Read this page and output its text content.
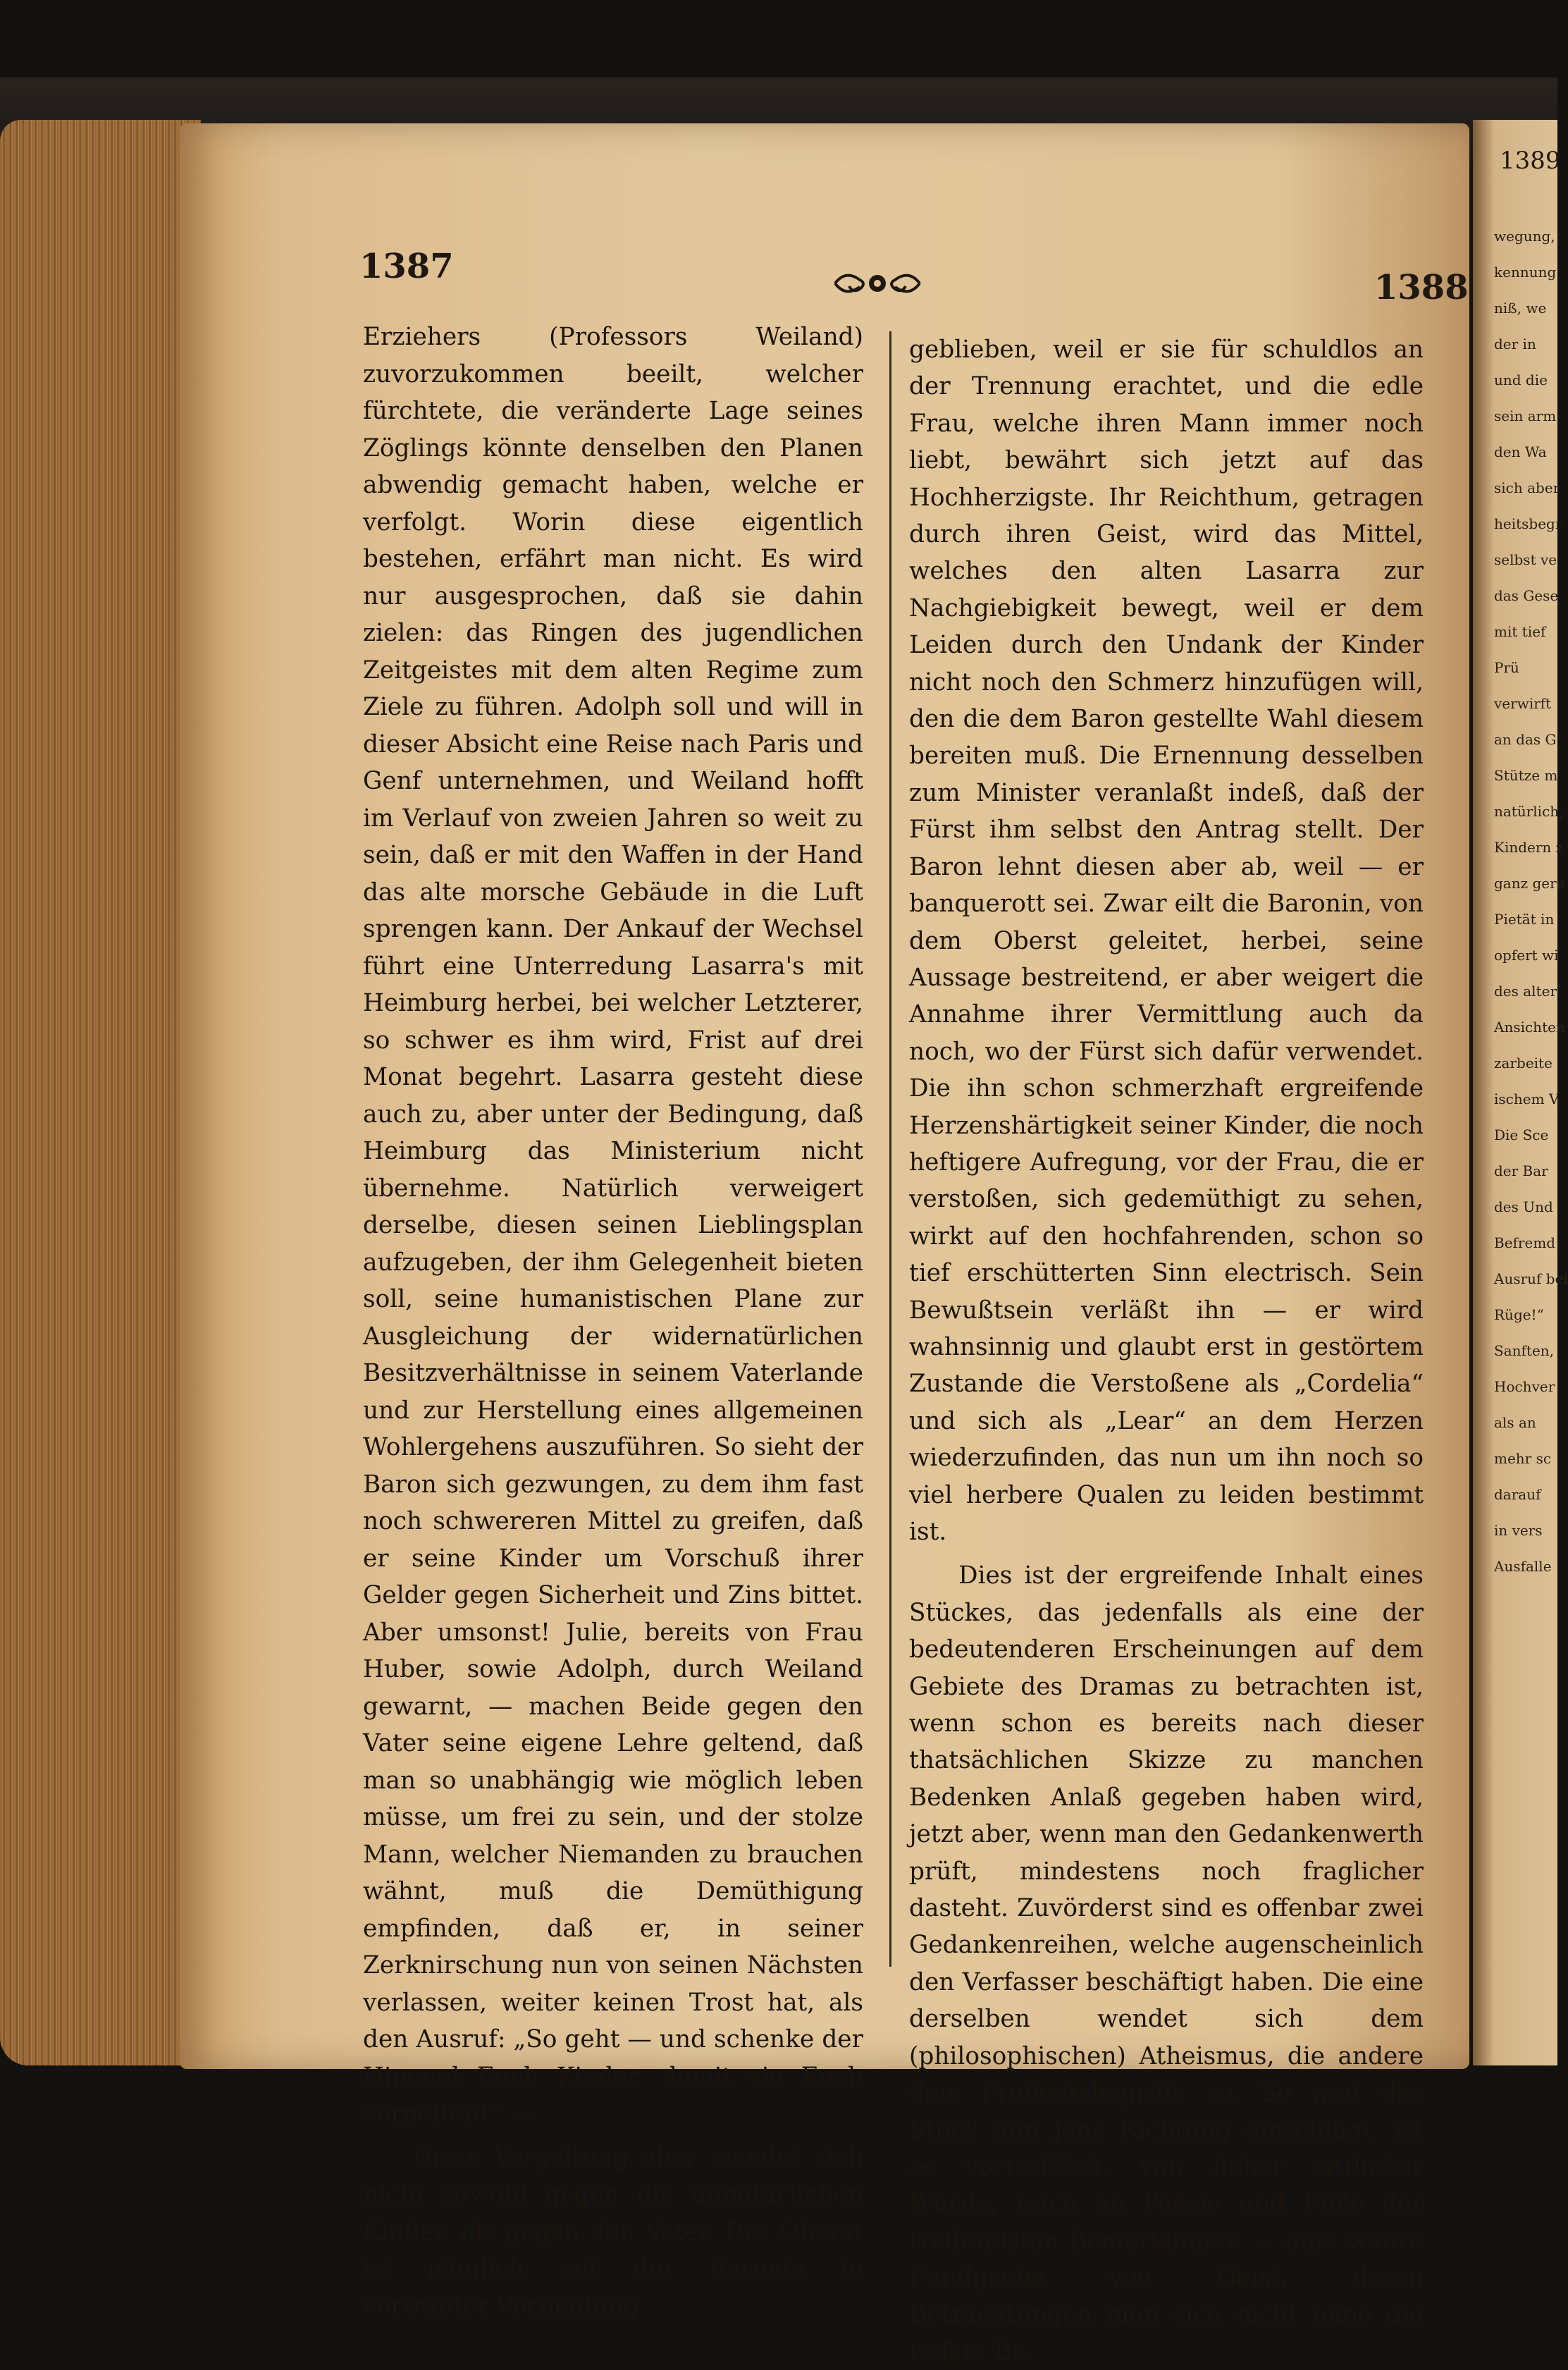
1387
1388
1389

Erziehers (Professors Weiland) zuvorzukommen beeilt, welcher fürchtete, die veränderte Lage seines Zöglings könnte denselben den Planen abwendig gemacht haben, welche er verfolgt. Worin diese eigentlich bestehen, erfährt man nicht. Es wird nur ausgesprochen, daß sie dahin zielen: das Ringen des jugendlichen Zeitgeistes mit dem alten Regime zum Ziele zu führen. Adolph soll und will in dieser Absicht eine Reise nach Paris und Genf unternehmen, und Weiland hofft im Verlauf von zweien Jahren so weit zu sein, daß er mit den Waffen in der Hand das alte morsche Gebäude in die Luft sprengen kann. Der Ankauf der Wechsel führt eine Unterredung Lasarra's mit Heimburg herbei, bei welcher Letzterer, so schwer es ihm wird, Frist auf drei Monat begehrt. Lasarra gesteht diese auch zu, aber unter der Bedingung, daß Heimburg das Ministerium nicht übernehme. Natürlich verweigert derselbe, diesen seinen Lieblingsplan aufzugeben, der ihm Gelegenheit bieten soll, seine humanistischen Plane zur Ausgleichung der widernatürlichen Besitzverhältnisse in seinem Vaterlande und zur Herstellung eines allgemeinen Wohlergehens auszuführen. So sieht der Baron sich gezwungen, zu dem ihm fast noch schwereren Mittel zu greifen, daß er seine Kinder um Vorschuß ihrer Gelder gegen Sicherheit und Zins bittet. Aber umsonst! Julie, bereits von Frau Huber, sowie Adolph, durch Weiland gewarnt, — machen Beide gegen den Vater seine eigene Lehre geltend, daß man so unabhängig wie möglich leben müsse, um frei zu sein, und der stolze Mann, welcher Niemanden zu brauchen wähnt, muß die Demüthigung empfinden, daß er, in seiner Zerknirschung nun von seinen Nächsten verlassen, weiter keinen Trost hat, als den Ausruf: „So geht — und schenke der Himmel Euch Kinder, damit sie Euch vergelten!“ —

Diese Vergeltung aber wendet sich nicht sowohl gegen die unnatürlichen Kinder, als gegen den Vater. Der Oberst ist nämlich mit der Baronin in vertrauter Verbindung

geblieben, weil er sie für schuldlos an der Trennung erachtet, und die edle Frau, welche ihren Mann immer noch liebt, bewährt sich jetzt auf das Hochherzigste. Ihr Reichthum, getragen durch ihren Geist, wird das Mittel, welches den alten Lasarra zur Nachgiebigkeit bewegt, weil er dem Leiden durch den Undank der Kinder nicht noch den Schmerz hinzufügen will, den die dem Baron gestellte Wahl diesem bereiten muß. Die Ernennung desselben zum Minister veranlaßt indeß, daß der Fürst ihm selbst den Antrag stellt. Der Baron lehnt diesen aber ab, weil — er banquerott sei. Zwar eilt die Baronin, von dem Oberst geleitet, herbei, seine Aussage bestreitend, er aber weigert die Annahme ihrer Vermittlung auch da noch, wo der Fürst sich dafür verwendet. Die ihn schon schmerzhaft ergreifende Herzenshärtigkeit seiner Kinder, die noch heftigere Aufregung, vor der Frau, die er verstoßen, sich gedemüthigt zu sehen, wirkt auf den hochfahrenden, schon so tief erschütterten Sinn electrisch. Sein Bewußtsein verläßt ihn — er wird wahnsinnig und glaubt erst in gestörtem Zustande die Verstoßene als „Cordelia“ und sich als „Lear“ an dem Herzen wiederzufinden, das nun um ihn noch so viel herbere Qualen zu leiden bestimmt ist.

Dies ist der ergreifende Inhalt eines Stückes, das jedenfalls als eine der bedeutenderen Erscheinungen auf dem Gebiete des Dramas zu betrachten ist, wenn schon es bereits nach dieser thatsächlichen Skizze zu manchen Bedenken Anlaß gegeben haben wird, jetzt aber, wenn man den Gedankenwerth prüft, mindestens noch fraglicher dasteht. Zuvörderst sind es offenbar zwei Gedankenreihen, welche augenscheinlich den Verfasser beschäftigt haben. Die eine derselben wendet sich dem (philosophischen) Atheismus, die andere dem Freiheitsbegriffe zu. So weit das Stück nun jene Richtung einschlägt, ist es vortrefflich, von hoher sittlicher Würde, reich an Poesie und Fülle der treffendsten Bemerkungen — eine wahre Fundgrube von Geist, deren Betrachtungen man sich nicht ohne die tiefste Be-

wegung,
kennung
niß, we
der in
und die
sein arm
den Wa
sich aber
heitsbegr
selbst ve
das Gese
mit tief
Prü
verwirft
an das G
Stütze m
natürlich,
Kindern z
ganz gere
Pietät in
opfert wi
des alter
Ansichten
zarbeite
ischem V
Die Sce
der Bar
des Und
Befremd
Ausruf bei
Rüge!“
Sanften,
Hochver
als an
mehr sc
darauf
in vers
Ausfalle
